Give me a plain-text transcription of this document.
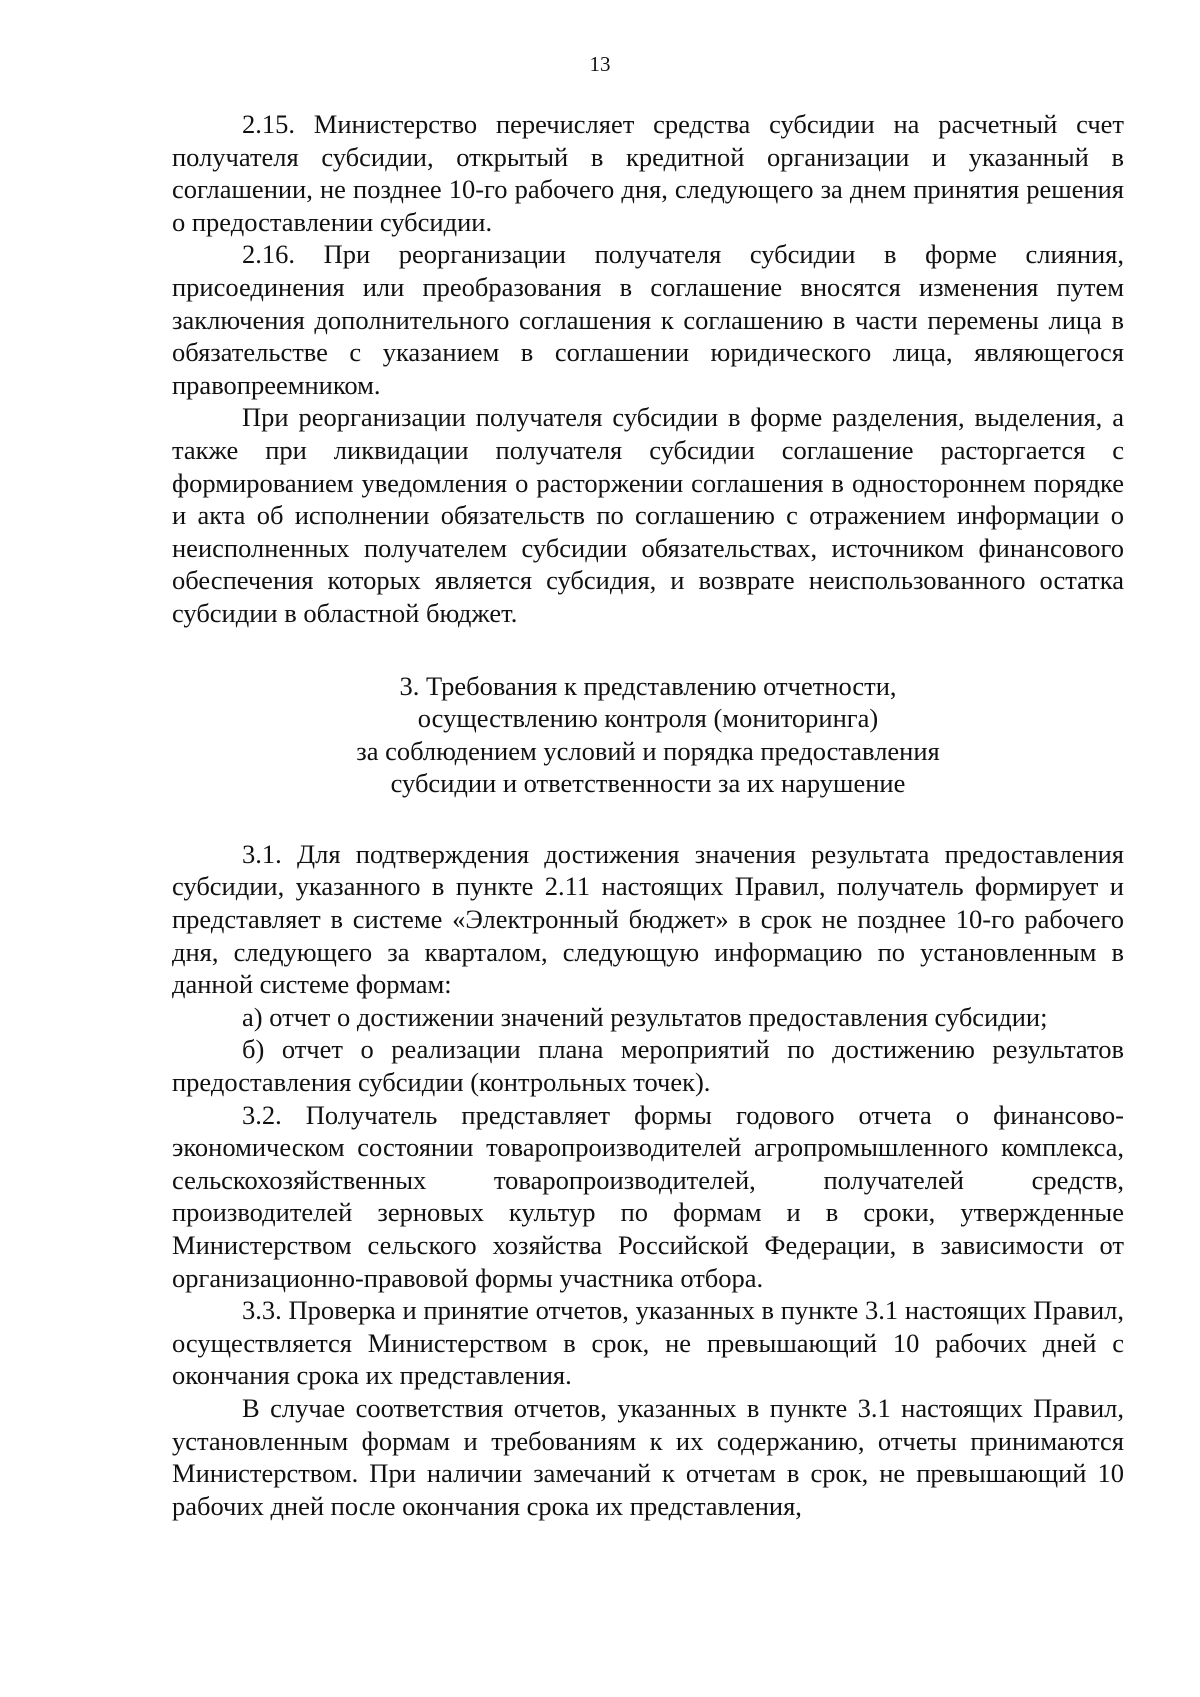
13

2.15. Министерство перечисляет средства субсидии на расчетный счет получателя субсидии, открытый в кредитной организации и указанный в соглашении, не позднее 10-го рабочего дня, следующего за днем принятия решения о предоставлении субсидии.

2.16. При реорганизации получателя субсидии в форме слияния, присоединения или преобразования в соглашение вносятся изменения путем заключения дополнительного соглашения к соглашению в части перемены лица в обязательстве с указанием в соглашении юридического лица, являющегося правопреемником.

При реорганизации получателя субсидии в форме разделения, выделения, а также при ликвидации получателя субсидии соглашение расторгается с формированием уведомления о расторжении соглашения в одностороннем порядке и акта об исполнении обязательств по соглашению с отражением информации о неисполненных получателем субсидии обязательствах, источником финансового обеспечения которых является субсидия, и возврате неиспользованного остатка субсидии в областной бюджет.

3. Требования к представлению отчетности,
осуществлению контроля (мониторинга)
за соблюдением условий и порядка предоставления
субсидии и ответственности за их нарушение

3.1. Для подтверждения достижения значения результата предоставления субсидии, указанного в пункте 2.11 настоящих Правил, получатель формирует и представляет в системе «Электронный бюджет» в срок не позднее 10-го рабочего дня, следующего за кварталом, следующую информацию по установленным в данной системе формам:

а) отчет о достижении значений результатов предоставления субсидии;

б) отчет о реализации плана мероприятий по достижению результатов предоставления субсидии (контрольных точек).

3.2. Получатель представляет формы годового отчета о финансово-экономическом состоянии товаропроизводителей агропромышленного комплекса, сельскохозяйственных товаропроизводителей, получателей средств, производителей зерновых культур по формам и в сроки, утвержденные Министерством сельского хозяйства Российской Федерации, в зависимости от организационно-правовой формы участника отбора.

3.3. Проверка и принятие отчетов, указанных в пункте 3.1 настоящих Правил, осуществляется Министерством в срок, не превышающий 10 рабочих дней с окончания срока их представления.

В случае соответствия отчетов, указанных в пункте 3.1 настоящих Правил, установленным формам и требованиям к их содержанию, отчеты принимаются Министерством. При наличии замечаний к отчетам в срок, не превышающий 10 рабочих дней после окончания срока их представления,
